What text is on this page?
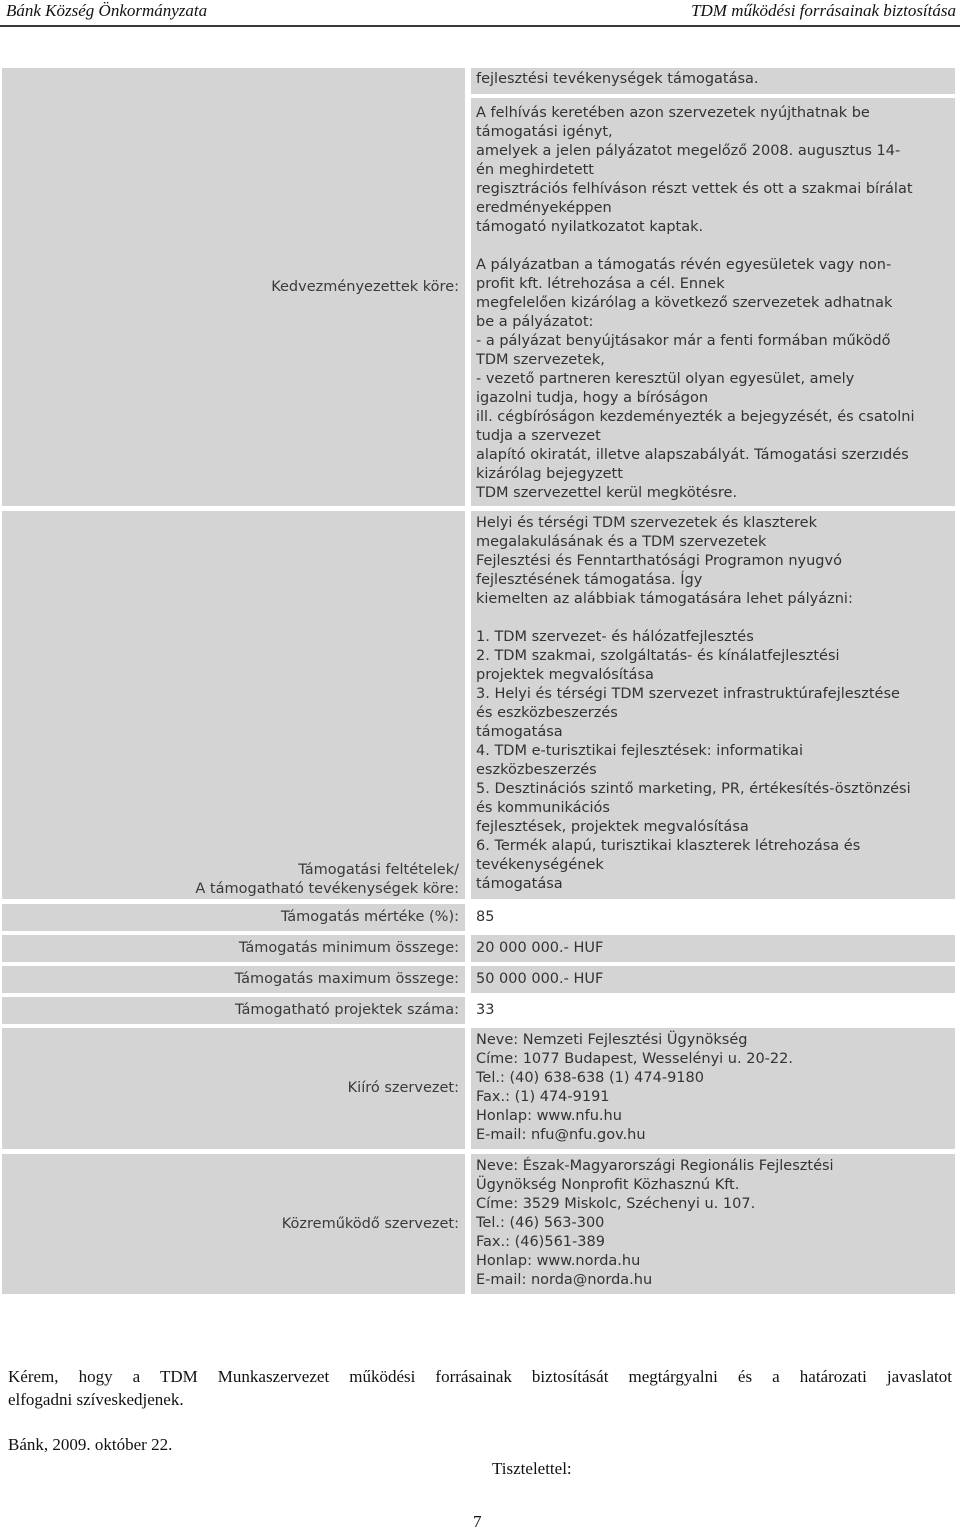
Bánk Község Önkormányzata	TDM működési forrásainak biztosítása
Kedvezményezettek köre:
fejlesztési tevékenységek támogatása.
A felhívás keretében azon szervezetek nyújthatnak be
támogatási igényt,
amelyek a jelen pályázatot megelőző 2008. augusztus 14-
én meghirdetett
regisztrációs felhíváson részt vettek és ott a szakmai bírálat
eredményeképpen
támogató nyilatkozatot kaptak.
A pályázatban a támogatás révén egyesületek vagy non-
profit kft. létrehozása a cél. Ennek
megfelelően kizárólag a következő szervezetek adhatnak
be a pályázatot:
- a pályázat benyújtásakor már a fenti formában működő
TDM szervezetek,
- vezető partneren keresztül olyan egyesület, amely
igazolni tudja, hogy a bíróságon
ill. cégbíróságon kezdeményezték a bejegyzését, és csatolni
tudja a szervezet
alapító okiratát, illetve alapszabályát. Támogatási szerzıdés
kizárólag bejegyzett
TDM szervezettel kerül megkötésre.
Támogatási feltételek/
A támogatható tevékenységek köre:
Helyi és térségi TDM szervezetek és klaszterek
megalakulásának és a TDM szervezetek
Fejlesztési és Fenntarthatósági Programon nyugvó
fejlesztésének támogatása. Így
kiemelten az alábbiak támogatására lehet pályázni:
1. TDM szervezet- és hálózatfejlesztés
2. TDM szakmai, szolgáltatás- és kínálatfejlesztési
projektek megvalósítása
3. Helyi és térségi TDM szervezet infrastruktúrafejlesztése
és eszközbeszerzés
támogatása
4. TDM e-turisztikai fejlesztések: informatikai
eszközbeszerzés
5. Desztinációs szintő marketing, PR, értékesítés-ösztönzési
és kommunikációs
fejlesztések, projektek megvalósítása
6. Termék alapú, turisztikai klaszterek létrehozása és
tevékenységének
támogatása
Támogatás mértéke (%): 85
Támogatás minimum összege: 20 000 000.- HUF
Támogatás maximum összege: 50 000 000.- HUF
Támogatható projektek száma: 33
Kiíró szervezet:
Neve: Nemzeti Fejlesztési Ügynökség
Címe: 1077 Budapest, Wesselényi u. 20-22.
Tel.: (40) 638-638 (1) 474-9180
Fax.: (1) 474-9191
Honlap: www.nfu.hu
E-mail: nfu@nfu.gov.hu
Közreműködő szervezet:
Neve: Észak-Magyarországi Regionális Fejlesztési
Ügynökség Nonprofit Közhasznú Kft.
Címe: 3529 Miskolc, Széchenyi u. 107.
Tel.: (46) 563-300
Fax.: (46)561-389
Honlap: www.norda.hu
E-mail: norda@norda.hu
Kérem, hogy a TDM Munkaszervezet működési forrásainak biztosítását megtárgyalni és a határozati javaslatot
elfogadni szíveskedjenek.
Bánk, 2009. október 22.
Tisztelettel:
7
